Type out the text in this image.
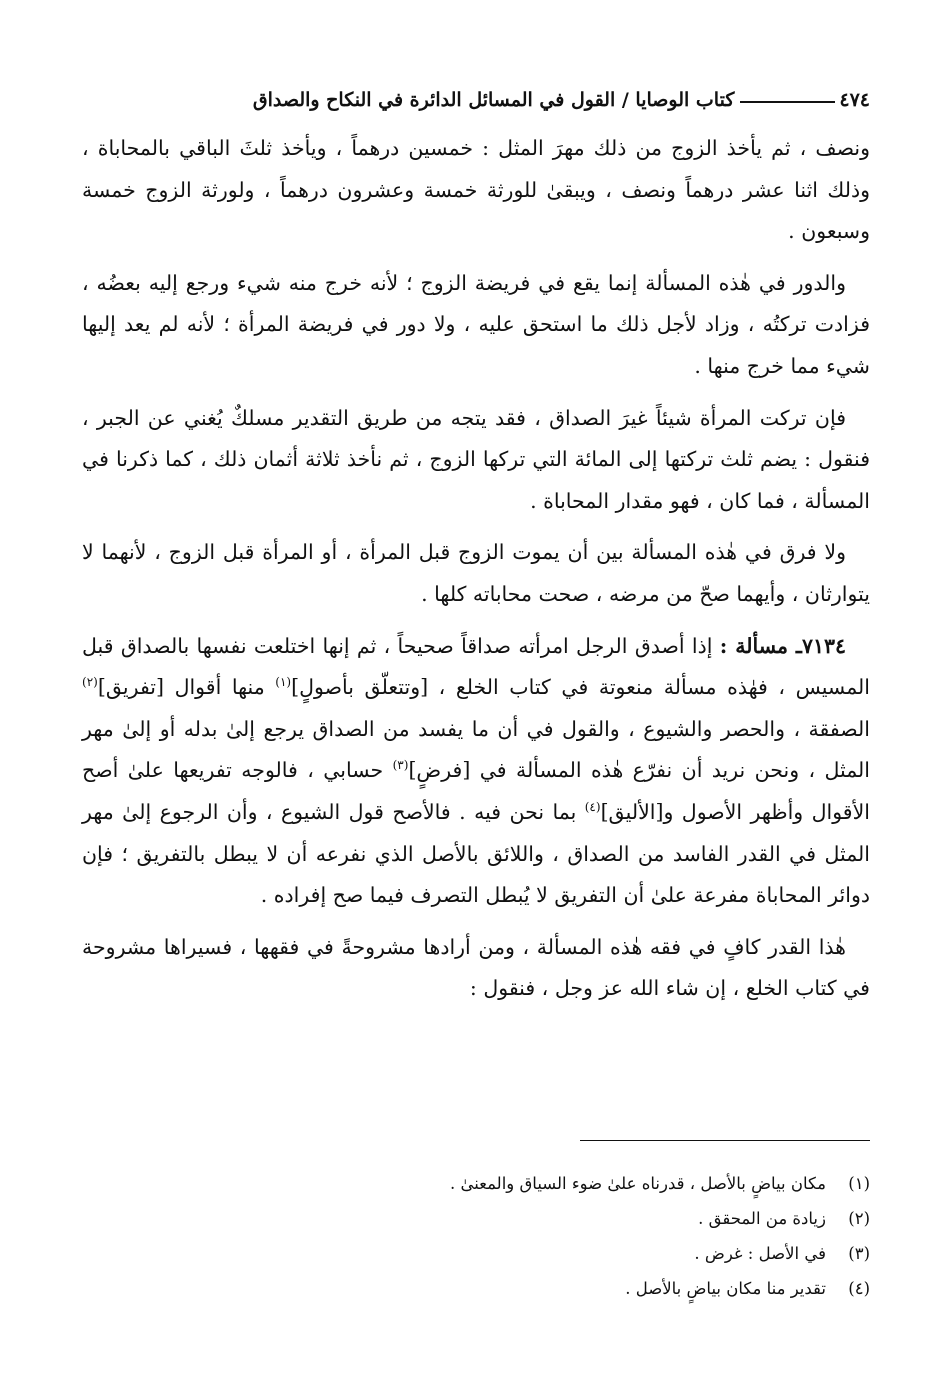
٤٧٤
كتاب الوصايا / القول في المسائل الدائرة في النكاح والصداق

ونصف ، ثم يأخذ الزوج من ذلك مهرَ المثل : خمسين درهماً ، ويأخذ ثلثَ الباقي بالمحاباة ، وذلك اثنا عشر درهماً ونصف ، ويبقىٰ للورثة خمسة وعشرون درهماً ، ولورثة الزوج خمسة وسبعون .

والدور في هٰذه المسألة إنما يقع في فريضة الزوج ؛ لأنه خرج منه شيء ورجع إليه بعضُه ، فزادت تركتُه ، وزاد لأجل ذلك ما استحق عليه ، ولا دور في فريضة المرأة ؛ لأنه لم يعد إليها شيء مما خرج منها .

فإن تركت المرأة شيئاً غيرَ الصداق ، فقد يتجه من طريق التقدير مسلكٌ يُغني عن الجبر ، فنقول : يضم ثلث تركتها إلى المائة التي تركها الزوج ، ثم نأخذ ثلاثة أثمان ذلك ، كما ذكرنا في المسألة ، فما كان ، فهو مقدار المحاباة .

ولا فرق في هٰذه المسألة بين أن يموت الزوج قبل المرأة ، أو المرأة قبل الزوج ، لأنهما لا يتوارثان ، وأيهما صحّ من مرضه ، صحت محاباته كلها .

٧١٣٤ـ مسألة : إذا أصدق الرجل امرأته صداقاً صحيحاً ، ثم إنها اختلعت نفسها بالصداق قبل المسيس ، فهٰذه مسألة منعوتة في كتاب الخلع ، [وتتعلّق بأصولٍ]$^{(١)}$ منها أقوال [تفريق]$^{(٢)}$ الصفقة ، والحصر والشيوع ، والقول في أن ما يفسد من الصداق يرجع إلىٰ بدله أو إلىٰ مهر المثل ، ونحن نريد أن نفرّع هٰذه المسألة في [فرضٍ]$^{(٣)}$ حسابي ، فالوجه تفريعها علىٰ أصح الأقوال وأظهر الأصول و[الأليق]$^{(٤)}$ بما نحن فيه . فالأصح قول الشيوع ، وأن الرجوع إلىٰ مهر المثل في القدر الفاسد من الصداق ، واللائق بالأصل الذي نفرعه أن لا يبطل بالتفريق ؛ فإن دوائر المحاباة مفرعة علىٰ أن التفريق لا يُبطل التصرف فيما صح إفراده .

هٰذا القدر كافٍ في فقه هٰذه المسألة ، ومن أرادها مشروحةً في فقهها ، فسيراها مشروحة في كتاب الخلع ، إن شاء الله عز وجل ، فنقول :

(١)
مكان بياضٍ بالأصل ، قدرناه علىٰ ضوء السياق والمعنىٰ .
(٢)
زيادة من المحقق .
(٣)
في الأصل : غرض .
(٤)
تقدير منا مكان بياضٍ بالأصل .
